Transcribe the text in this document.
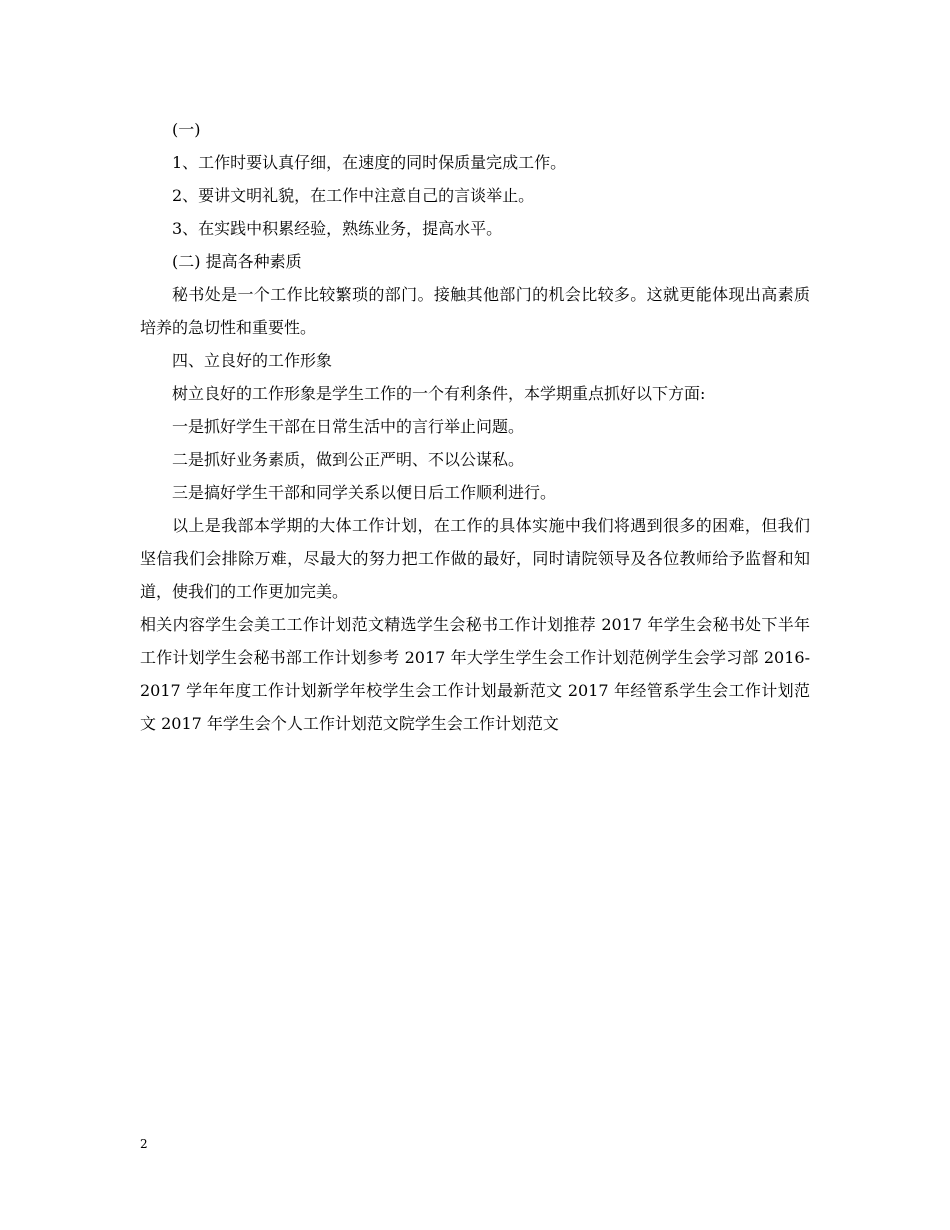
(一)

1、工作时要认真仔细，在速度的同时保质量完成工作。

2、要讲文明礼貌，在工作中注意自己的言谈举止。

3、在实践中积累经验，熟练业务，提高水平。

(二) 提高各种素质

秘书处是一个工作比较繁琐的部门。接触其他部门的机会比较多。这就更能体现出高素质培养的急切性和重要性。

四、立良好的工作形象

树立良好的工作形象是学生工作的一个有利条件，本学期重点抓好以下方面:

一是抓好学生干部在日常生活中的言行举止问题。

二是抓好业务素质，做到公正严明、不以公谋私。

三是搞好学生干部和同学关系以便日后工作顺利进行。

以上是我部本学期的大体工作计划，在工作的具体实施中我们将遇到很多的困难，但我们坚信我们会排除万难，尽最大的努力把工作做的最好，同时请院领导及各位教师给予监督和知道，使我们的工作更加完美。

相关内容学生会美工工作计划范文精选学生会秘书工作计划推荐 2017 年学生会秘书处下半年工作计划学生会秘书部工作计划参考 2017 年大学生学生会工作计划范例学生会学习部 2016-2017 学年年度工作计划新学年校学生会工作计划最新范文 2017 年经管系学生会工作计划范文 2017 年学生会个人工作计划范文院学生会工作计划范文

2
